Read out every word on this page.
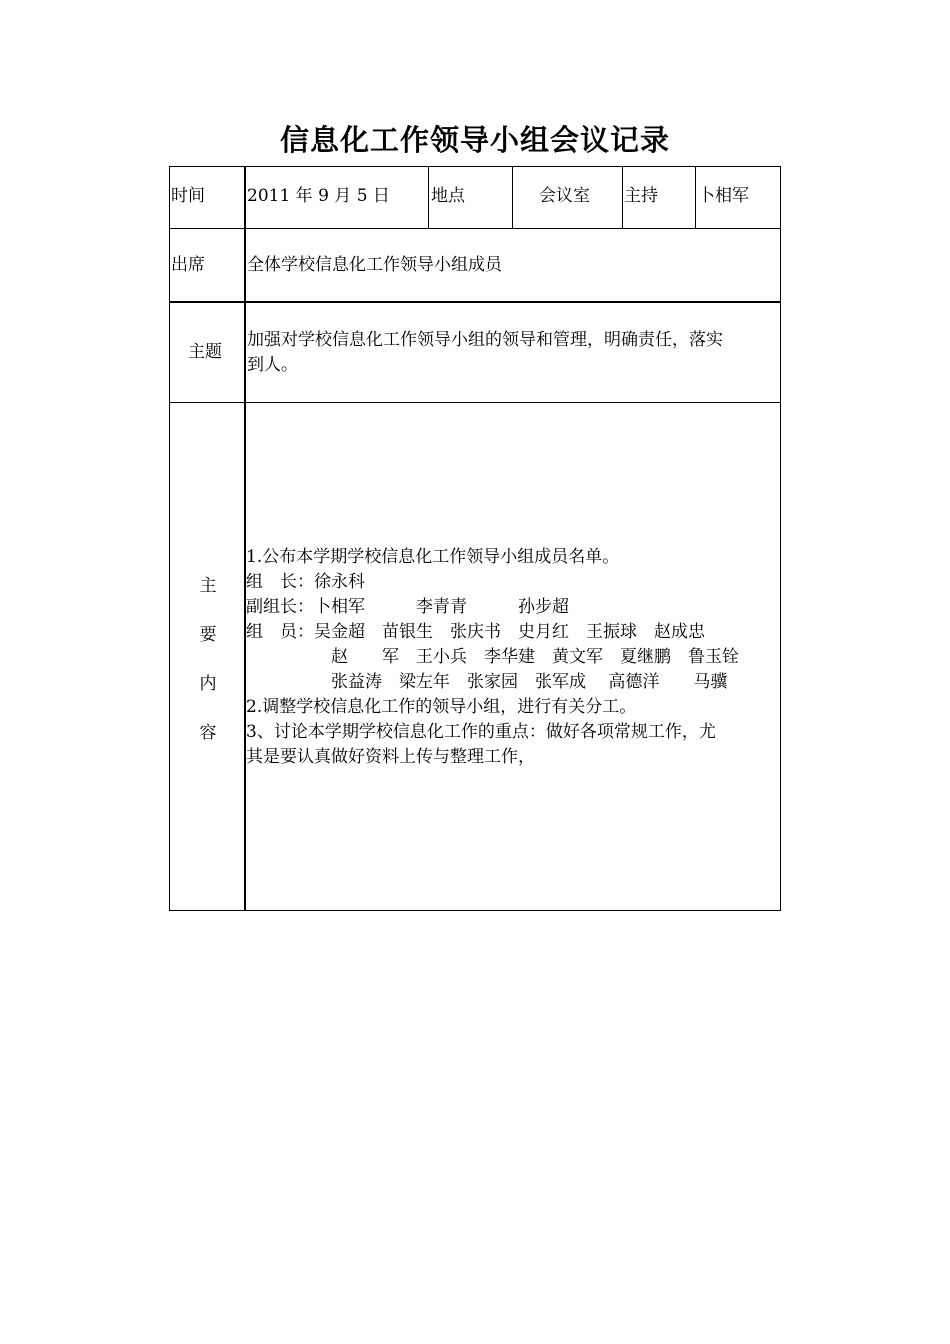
信息化工作领导小组会议记录
时间 2011 年 9 月 5 日 地点	会议室 主持 卜相军
出席 全体学校信息化工作领导小组成员
主题
加强对学校信息化工作领导小组的领导和管理，明确责任，落实
到人。
主
要
内
容
1.公布本学期学校信息化工作领导小组成员名单。
组　长：徐永科
副组长：卜相军　　　李青青　　　孙步超
组　员：吴金超　苗银生　张庆书　史月红　王振球　赵成忠
　　　　　赵　　军　王小兵　李华建　黄文军　夏继鹏　鲁玉铨
　　　　　张益涛　梁左年　张家园　张军成　 高德洋　　马骥
2.调整学校信息化工作的领导小组，进行有关分工。
3、讨论本学期学校信息化工作的重点：做好各项常规工作，尤
其是要认真做好资料上传与整理工作，
